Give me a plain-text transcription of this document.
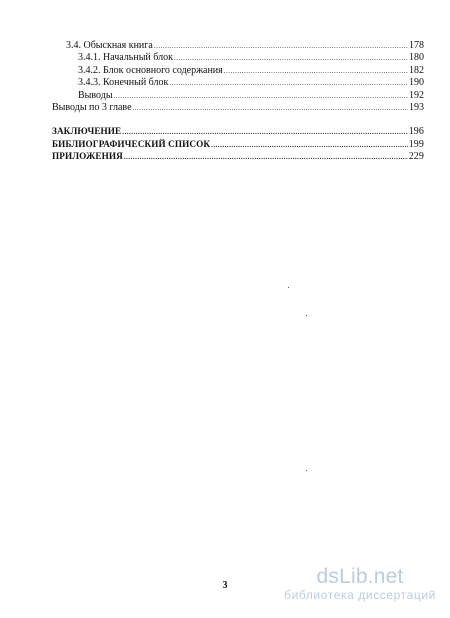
3.4. Обыскная книга .....	178
3.4.1. Начальный блок .....	180
3.4.2. Блок основного содержания .....	182
3.4.3. Конечный блок .....	190
Выводы .....	192
Выводы по 3 главе .....	193
ЗАКЛЮЧЕНИЕ .....	196
БИБЛИОГРАФИЧЕСКИЙ СПИСОК .....	199
ПРИЛОЖЕНИЯ .....	229
3	dsLib.net
библиотека диссертаций
